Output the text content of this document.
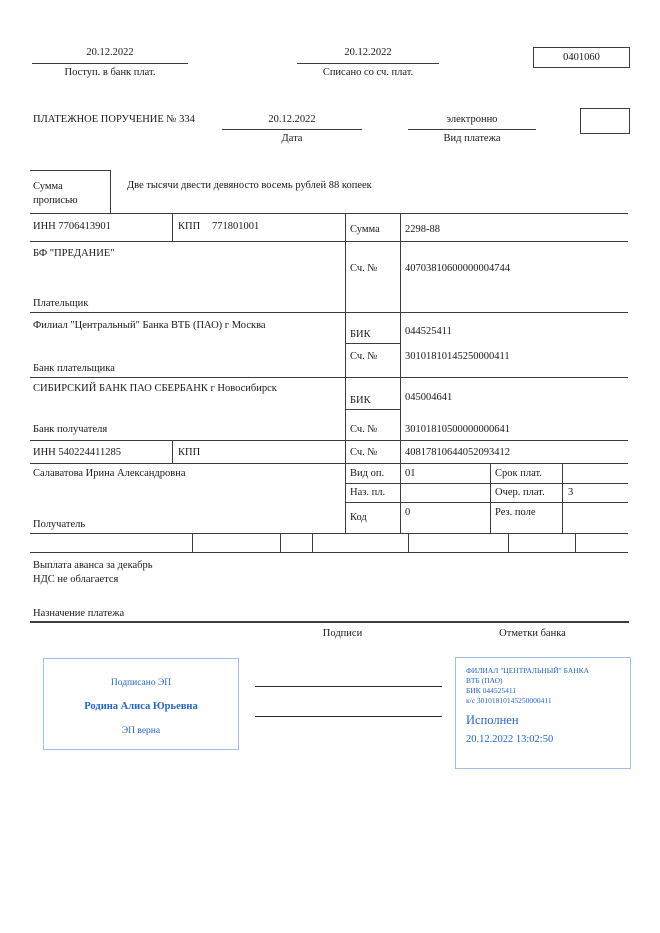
20.12.2022
Поступ. в банк плат.
20.12.2022
Списано со сч. плат.
0401060
ПЛАТЕЖНОЕ ПОРУЧЕНИЕ № 334	20.12.2022
Дата
электронно
Вид платежа
Сумма прописью
Две тысячи двести девяносто восемь рублей 88 копеек
ИНН 7706413901	КПП 771801001	Сумма 2298-88
БФ "ПРЕДАНИЕ"
Сч. №	40703810600000004744
Плательщик
Филиал "Центральный" Банка ВТБ (ПАО) г Москва
БИК	044525411
Сч. №	30101810145250000411
Банк плательщика
СИБИРСКИЙ БАНК ПАО СБЕРБАНК г Новосибирск
БИК	045004641
Сч. №	30101810500000000641
Банк получателя
ИНН 540224411285	КПП	Сч. №	40817810644052093412
Салаватова Ирина Александровна	Вид оп. 01	Срок плат.
Наз. пл.	Очер. плат. 3
Код	0	Рез. поле
Получатель
Выплата аванса за декабрь
НДС не облагается
Назначение платежа
Подписи	Отметки банка
Подписано ЭП
Родина Алиса Юрьевна
ЭП верна
ФИЛИАЛ "ЦЕНТРАЛЬНЫЙ" БАНКА
ВТБ (ПАО)
БИК 044525411
к/с 30101810145250000411
Исполнен
20.12.2022 13:02:50
